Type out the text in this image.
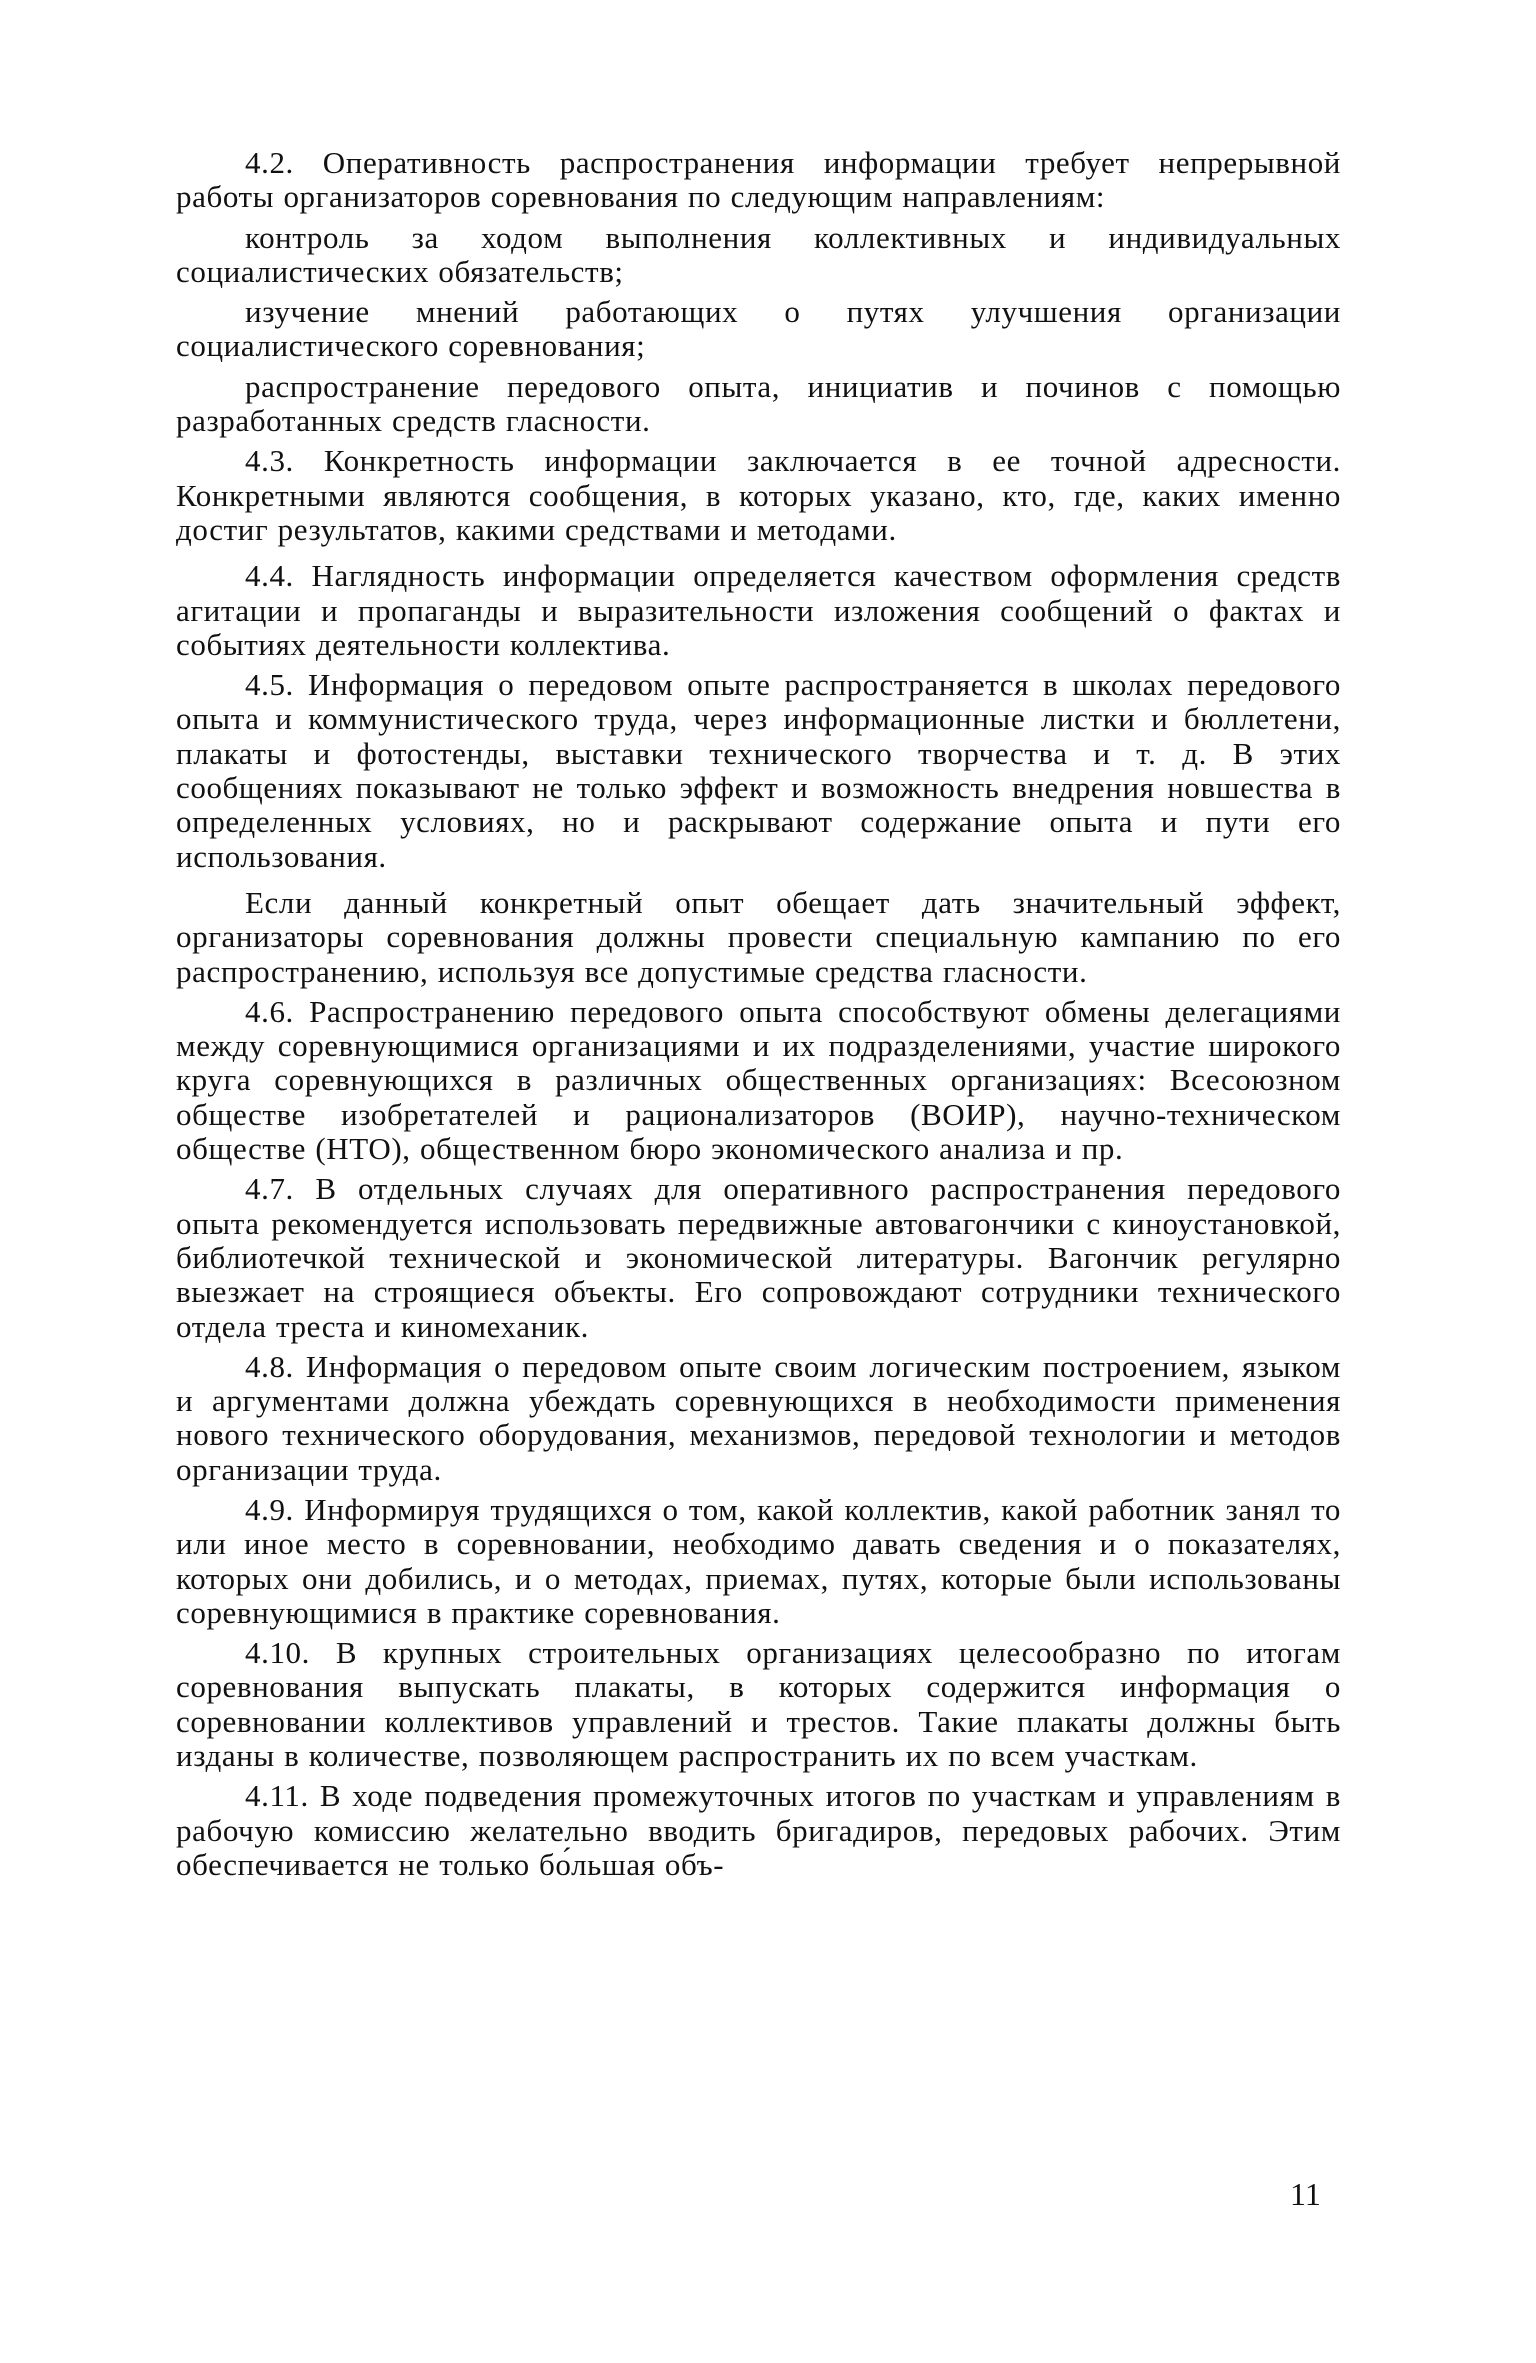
4.2. Оперативность распространения информации требует непрерывной работы организаторов соревнования по следующим направлениям:

контроль за ходом выполнения коллективных и индивидуальных социалистических обязательств;

изучение мнений работающих о путях улучшения организации социалистического соревнования;

распространение передового опыта, инициатив и починов с помощью разработанных средств гласности.

4.3. Конкретность информации заключается в ее точной адресности. Конкретными являются сообщения, в которых указано, кто, где, каких именно достиг результатов, какими средствами и методами.

4.4. Наглядность информации определяется качеством оформления средств агитации и пропаганды и выразительности изложения сообщений о фактах и событиях деятельности коллектива.

4.5. Информация о передовом опыте распространяется в школах передового опыта и коммунистического труда, через информационные листки и бюллетени, плакаты и фотостенды, выставки технического творчества и т. д. В этих сообщениях показывают не только эффект и возможность внедрения новшества в определенных условиях, но и раскрывают содержание опыта и пути его использования.

Если данный конкретный опыт обещает дать значительный эффект, организаторы соревнования должны провести специальную кампанию по его распространению, используя все допустимые средства гласности.

4.6. Распространению передового опыта способствуют обмены делегациями между соревнующимися организациями и их подразделениями, участие широкого круга соревнующихся в различных общественных организациях: Всесоюзном обществе изобретателей и рационализаторов (ВОИР), научно-техническом обществе (НТО), общественном бюро экономического анализа и пр.

4.7. В отдельных случаях для оперативного распространения передового опыта рекомендуется использовать передвижные автовагончики с киноустановкой, библиотечкой технической и экономической литературы. Вагончик регулярно выезжает на строящиеся объекты. Его сопровождают сотрудники технического отдела треста и киномеханик.

4.8. Информация о передовом опыте своим логическим построением, языком и аргументами должна убеждать соревнующихся в необходимости применения нового технического оборудования, механизмов, передовой технологии и методов организации труда.

4.9. Информируя трудящихся о том, какой коллектив, какой работник занял то или иное место в соревновании, необходимо давать сведения и о показателях, которых они добились, и о методах, приемах, путях, которые были использованы соревнующимися в практике соревнования.

4.10. В крупных строительных организациях целесообразно по итогам соревнования выпускать плакаты, в которых содержится информация о соревновании коллективов управлений и трестов. Такие плакаты должны быть изданы в количестве, позволяющем распространить их по всем участкам.

4.11. В ходе подведения промежуточных итогов по участкам и управлениям в рабочую комиссию желательно вводить бригадиров, передовых рабочих. Этим обеспечивается не только бо́льшая объ-

11
